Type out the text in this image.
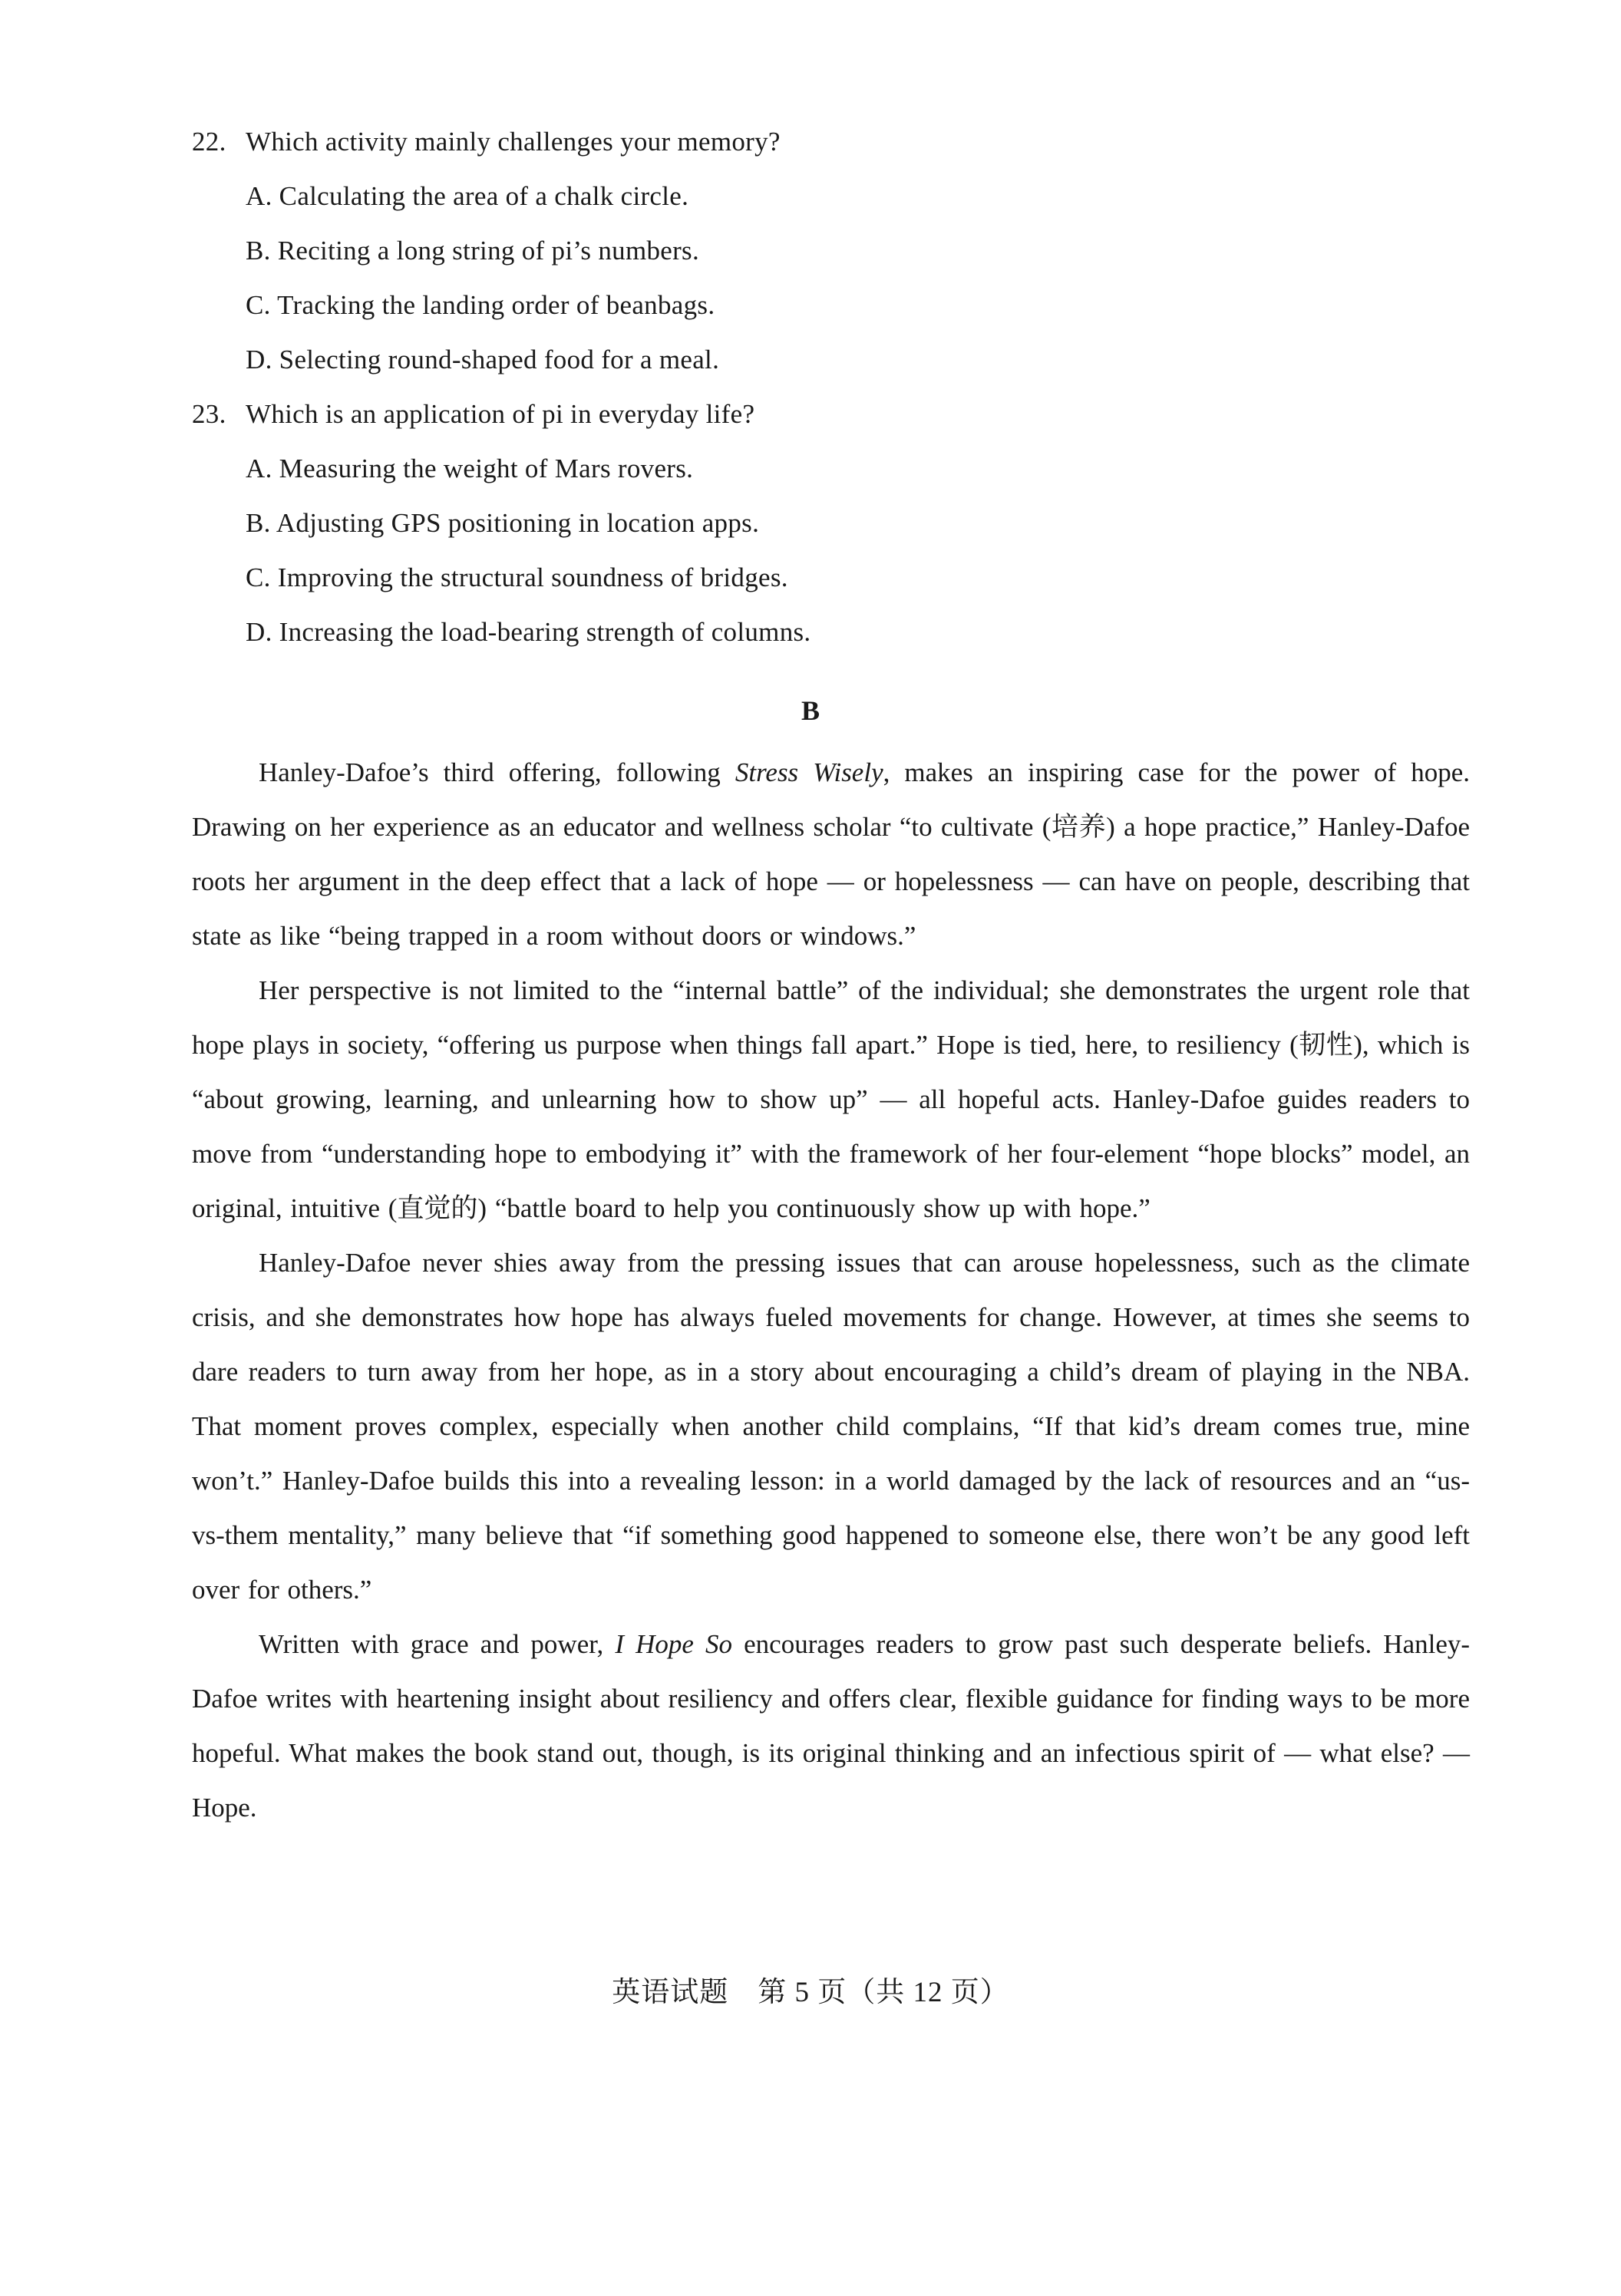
22. Which activity mainly challenges your memory?

A. Calculating the area of a chalk circle.

B. Reciting a long string of pi’s numbers.

C. Tracking the landing order of beanbags.

D. Selecting round-shaped food for a meal.

23. Which is an application of pi in everyday life?

A. Measuring the weight of Mars rovers.

B. Adjusting GPS positioning in location apps.

C. Improving the structural soundness of bridges.

D. Increasing the load-bearing strength of columns.

B

Hanley-Dafoe’s third offering, following Stress Wisely, makes an inspiring case for the power of hope. Drawing on her experience as an educator and wellness scholar “to cultivate (培养) a hope practice,” Hanley-Dafoe roots her argument in the deep effect that a lack of hope — or hopelessness — can have on people, describing that state as like “being trapped in a room without doors or windows.”

Her perspective is not limited to the “internal battle” of the individual; she demonstrates the urgent role that hope plays in society, “offering us purpose when things fall apart.” Hope is tied, here, to resiliency (韧性), which is “about growing, learning, and unlearning how to show up” — all hopeful acts. Hanley-Dafoe guides readers to move from “understanding hope to embodying it” with the framework of her four-element “hope blocks” model, an original, intuitive (直觉的) “battle board to help you continuously show up with hope.”

Hanley-Dafoe never shies away from the pressing issues that can arouse hopelessness, such as the climate crisis, and she demonstrates how hope has always fueled movements for change. However, at times she seems to dare readers to turn away from her hope, as in a story about encouraging a child’s dream of playing in the NBA. That moment proves complex, especially when another child complains, “If that kid’s dream comes true, mine won’t.” Hanley-Dafoe builds this into a revealing lesson: in a world damaged by the lack of resources and an “us-vs-them mentality,” many believe that “if something good happened to someone else, there won’t be any good left over for others.”

Written with grace and power, I Hope So encourages readers to grow past such desperate beliefs. Hanley-Dafoe writes with heartening insight about resiliency and offers clear, flexible guidance for finding ways to be more hopeful. What makes the book stand out, though, is its original thinking and an infectious spirit of — what else? — Hope.

英语试题　第 5 页（共 12 页）
